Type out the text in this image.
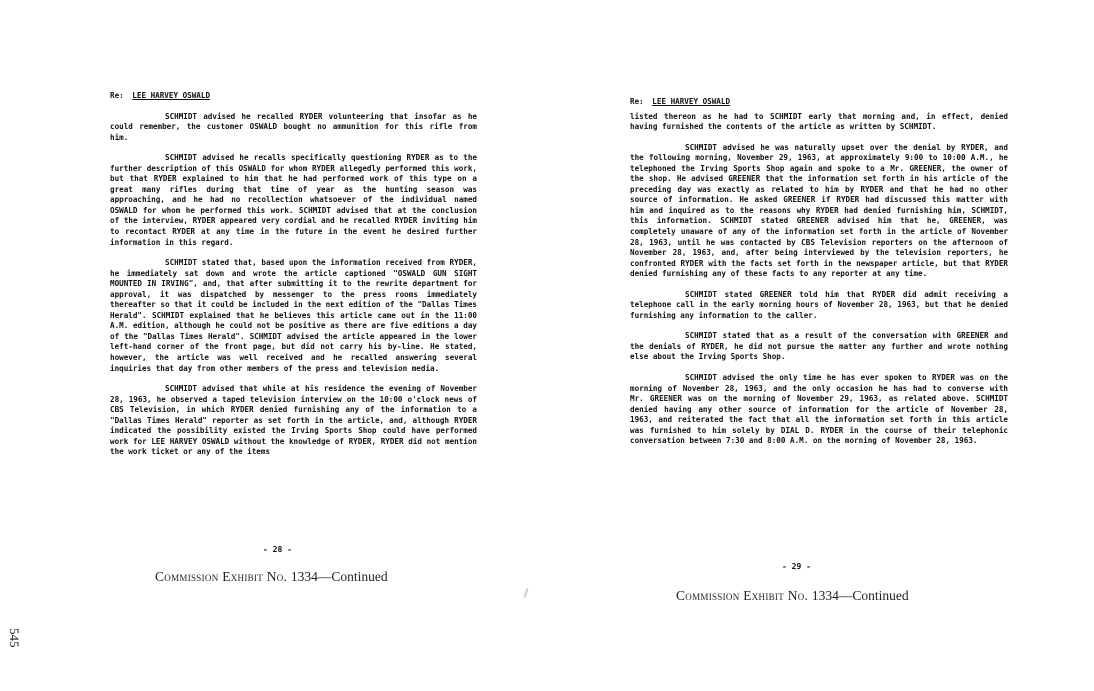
Re: LEE HARVEY OSWALD

SCHMIDT advised he recalled RYDER volunteering that insofar as he could remember, the customer OSWALD bought no ammunition for this rifle from him.

SCHMIDT advised he recalls specifically questioning RYDER as to the further description of this OSWALD for whom RYDER allegedly performed this work, but that RYDER explained to him that he had performed work of this type on a great many rifles during that time of year as the hunting season was approaching, and he had no recollection whatsoever of the individual named OSWALD for whom he performed this work. SCHMIDT advised that at the conclusion of the interview, RYDER appeared very cordial and he recalled RYDER inviting him to recontact RYDER at any time in the future in the event he desired further information in this regard.

SCHMIDT stated that, based upon the information received from RYDER, he immediately sat down and wrote the article captioned "OSWALD GUN SIGHT MOUNTED IN IRVING", and, that after submitting it to the rewrite department for approval, it was dispatched by messenger to the press rooms immediately thereafter so that it could be included in the next edition of the "Dallas Times Herald". SCHMIDT explained that he believes this article came out in the 11:00 A.M. edition, although he could not be positive as there are five editions a day of the "Dallas Times Herald". SCHMIDT advised the article appeared in the lower left-hand corner of the front page, but did not carry his by-line. He stated, however, the article was well received and he recalled answering several inquiries that day from other members of the press and television media.

SCHMIDT advised that while at his residence the evening of November 28, 1963, he observed a taped television interview on the 10:00 o'clock news of CBS Television, in which RYDER denied furnishing any of the information to a "Dallas Times Herald" reporter as set forth in the article, and, although RYDER indicated the possibility existed the Irving Sports Shop could have performed work for LEE HARVEY OSWALD without the knowledge of RYDER, RYDER did not mention the work ticket or any of the items

- 28 -
Commission Exhibit No. 1334—Continued
Re: LEE HARVEY OSWALD

listed thereon as he had to SCHMIDT early that morning and, in effect, denied having furnished the contents of the article as written by SCHMIDT.

SCHMIDT advised he was naturally upset over the denial by RYDER, and the following morning, November 29, 1963, at approximately 9:00 to 10:00 A.M., he telephoned the Irving Sports Shop again and spoke to a Mr. GREENER, the owner of the shop. He advised GREENER that the information set forth in his article of the preceding day was exactly as related to him by RYDER and that he had no other source of information. He asked GREENER if RYDER had discussed this matter with him and inquired as to the reasons why RYDER had denied furnishing him, SCHMIDT, this information. SCHMIDT stated GREENER advised him that he, GREENER, was completely unaware of any of the information set forth in the article of November 28, 1963, until he was contacted by CBS Television reporters on the afternoon of November 28, 1963, and, after being interviewed by the television reporters, he confronted RYDER with the facts set forth in the newspaper article, but that RYDER denied furnishing any of these facts to any reporter at any time.

SCHMIDT stated GREENER told him that RYDER did admit receiving a telephone call in the early morning hours of November 28, 1963, but that he denied furnishing any information to the caller.

SCHMIDT stated that as a result of the conversation with GREENER and the denials of RYDER, he did not pursue the matter any further and wrote nothing else about the Irving Sports Shop.

SCHMIDT advised the only time he has ever spoken to RYDER was on the morning of November 28, 1963, and the only occasion he has had to converse with Mr. GREENER was on the morning of November 29, 1963, as related above. SCHMIDT denied having any other source of information for the article of November 28, 1963, and reiterated the fact that all the information set forth in this article was furnished to him solely by DIAL D. RYDER in the course of their telephonic conversation between 7:30 and 8:00 A.M. on the morning of November 28, 1963.

- 29 -
Commission Exhibit No. 1334—Continued
545
